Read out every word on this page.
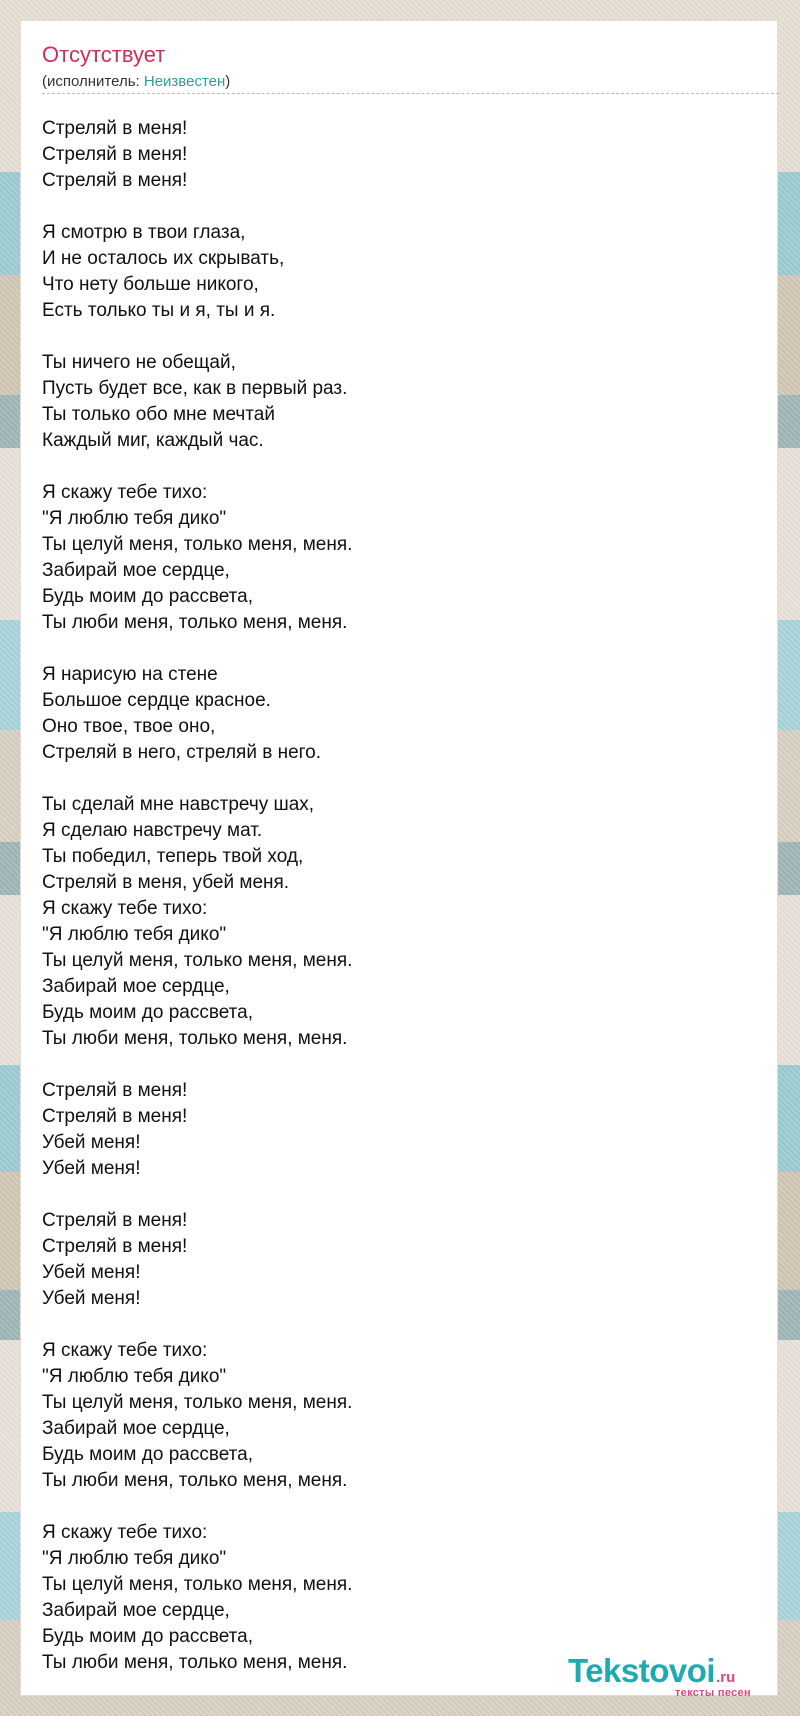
Отсутствует
(исполнитель: Неизвестен)
Стреляй в меня!
Стреляй в меня!
Стреляй в меня!
Я смотрю в твои глаза,
И не осталось их скрывать,
Что нету больше никого,
Есть только ты и я, ты и я.
Ты ничего не обещай,
Пусть будет все, как в первый раз.
Ты только обо мне мечтай
Каждый миг, каждый час.
Я скажу тебе тихо:
"Я люблю тебя дико"
Ты целуй меня, только меня, меня.
Забирай мое сердце,
Будь моим до рассвета,
Ты люби меня, только меня, меня.
Я нарисую на стене
Большое сердце красное.
Оно твое, твое оно,
Стреляй в него, стреляй в него.
Ты сделай мне навстречу шах,
Я сделаю навстречу мат.
Ты победил, теперь твой ход,
Стреляй в меня, убей меня.
Я скажу тебе тихо:
"Я люблю тебя дико"
Ты целуй меня, только меня, меня.
Забирай мое сердце,
Будь моим до рассвета,
Ты люби меня, только меня, меня.
Стреляй в меня!
Стреляй в меня!
Убей меня!
Убей меня!
Стреляй в меня!
Стреляй в меня!
Убей меня!
Убей меня!
Я скажу тебе тихо:
"Я люблю тебя дико"
Ты целуй меня, только меня, меня.
Забирай мое сердце,
Будь моим до рассвета,
Ты люби меня, только меня, меня.
Я скажу тебе тихо:
"Я люблю тебя дико"
Ты целуй меня, только меня, меня.
Забирай мое сердце,
Будь моим до рассвета,
Ты люби меня, только меня, меня.	Tekstovoi.ru
тексты песен
